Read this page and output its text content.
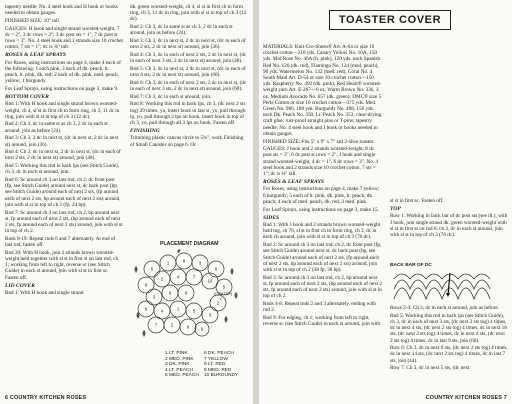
tapestry needle; No. 4 steel hook and H hook or hooks needed to obtain gauges.

FINISHED SIZE: 10" tall.

GAUGES: H hook and single strand worsted-weight, 7 dc = 2", 3 dc rows = 2"; 3 dc post sts = 1", 7 dc post st rows = 3". No. 4 steel hook and 2 strands size 10 crochet cotton, 7 sts = 1"; dc is ⅜" tall.

ROSES & LEAF SPRAYS

For Roses, using instructions on page 4, make 4 each of the following: 1 each pink, 3 each of dk. peach, lt. peach, lt. pink, dk. red; 2 each of dk. pink, med. peach, yellow; 1 burgundy.

For Leaf Sprays, using instructions on page 3, make 9.

BOTTOM COVER

Rnd 1: With H hook and single strand brown worsted-weight, ch 4, sl st in first ch to form ring, ch 3, 11 dc in ring, join with sl st in top of ch 3 (12 dc).

Rnd 2: Ch 3, dc in same st as ch 3, 2 dc in each st around, join as before (24).

Rnd 3: Ch 3, 2 dc in next st, (dc in next st, 2 dc in next st) around, join (36).

Rnd 4: Ch 3, dc in next st, 2 dc in next st, (dc in each of next 2 sts, 2 dc in next st) around, join (48).

Rnd 5: Working this rnd in back lps (see Stitch Guide), ch 3, dc in each st around, join.

Rnd 6: Sc around ch 3 on last rnd, ch 2, dc front post (fp, see Stitch Guide) around next st, dc back post (bp, see Stitch Guide) around each of next 2 sts, (fp around each of next 2 sts, bp around each of next 2 sts) around, join with sl st in top of ch 2 (fp, 24 bp).

Rnd 7: Sc around ch 3 on last rnd, ch 2, bp around next st, fp around each of next 2 sts, (bp around each of next 2 sts, fp around each of next 2 sts) around, join with sl st in top of ch 2.

Rnds 8-19: Repeat rnds 6 and 7 alternately. At end of last rnd, fasten off.

Rnd 20: With H hook, join 2 strands brown worsted-weight held together with sl st in first st on last rnd, ch 1; working from left to right, reverse sc (see Stitch Guide) in each st around, join with sl st in first sc. Fasten off.

LID COVER

Rnd 1: With H hook and single strand

dk. green worsted-weight, ch 4, sl st in first ch to form ring, ch 3, 11 dc in ring, join with sl st in top of ch 3 (12 dc).

Rnd 2: Ch 3, dc in same st as ch 3, 2 dc in each st around, join as before (24).

Rnd 3: Ch 3, dc in next st, 2 dc in next st, (dc in each of next 2 sts, 2 dc in next st) around, join (36).

Rnd 4: Ch 3, dc in each of next 2 sts, 2 dc in next st, (dc in each of next 3 sts, 2 dc in next st) around, join (48).

Rnd 5: Ch 3, dc in next st, 2 dc in next st, (dc in each of next 4 sts, 2 dc in next st) around, join (60).

Rnd 6: Ch 3, dc in each of next 2 sts, 2 dc in next st, (dc in each of next 3 sts, 2 dc in next st) around, join (60).

Rnd 7: Ch 3, dc in each st around, join.

Rnd 8: Working this rnd in back lps, ch 3, (dc next 2 sts tog) 29 times, yo, insert hook in last st, yo, pull through lp, yo, pull through 2 lps on hook, insert hook in top of ch 3, yo, pull through all 3 lps on hook. Fasten off.

FINISHING

Trimming plastic canvas circle to 5¾", work Finishing of Small Canister on page 6. Or

PLACEMENT DIAGRAM
5
1	8	3
6
9
2	4	7
10
5
3
6	9
2
8	4	1	5
3
7	2	6	9
(CENTER)
Y
1 LT. PINK
2 MED. PINK
3 DK. PINK
4 LT. PEACH
5 MED. PEACH
6 DK. PEACH
7 YELLOW
8 LT. RED
9 MED. RED
10 BURGUNDY
6 COUNTRY KITCHEN ROSES
TOASTER COVER

MATERIALS: Knit-Cro-Sheen® Art. A-64 or size 10 crochet cotton—210 yds. Canary Yellow No. 10A, 150 yds. Mid Rose No. 46A (lt. pink), 120 yds. each Spanish Red No. 126 (dk. red), Flamingo No. 124 (med. peach), 90 yds. Watermelon No. 132 (med. red), Coral No. 4 South Maid Art. D-54 or size 10 crochet cotton—150 yds. Raspberry No. 492 (dk. pink); Red Heart® worsted-weight yarn Art. E-267—6 oz. Warm Brown No. 336, 3 oz. Medium Avocado No. 657 (dk. green); DMC® size 5 Perle Cotton or size 10 crochet cotton—375 yds. Med. Green No. 986, 180 yds. Burgundy No. 498, 150 yds. each Dk. Peach No. 350, Lt. Peach No. 353; clear-drying craft glue; rust-proof straight pins or T-pins; tapestry needle; No. 4 steel hook and J hook or hooks needed to obtain gauges.

FINISHED SIZE: Fits 5" x 9" x 7" tall 2-slice toaster.

GAUGES: J hook and 2 strands worsted-weight, 8 dc post sts = 3", 6 dc post st rows = 2"; J hook and single strand worsted-weight, 4 dc = 1", 6 dc rows = 3". No. 4 steel hook and 2 strands size 10 crochet cotton, 7 sts = 1"; dc is ⅜" tall.

ROSES & LEAF SPRAYS

For Roses, using instructions on page 4, make 7 yellow; 6 burgundy; 5 each of lt. pink, dk. pink, lt. peach, dk. peach; 4 each of med. peach, dk. red, 3 med. pink.

For Leaf Sprays, using instructions on page 3, make 15.

SIDES

Rnd 1: With J hook and 2 strands brown worsted-weight held tog, ch 76, sl st in first ch to form ring, ch 3, dc in each ch around, join with sl st in top of ch 3 (76 dc).

Rnd 2: Sc around ch 3 on last rnd, ch 2, dc front post (fp, see Stitch Guide) around next st, dc back post (bp, see Stitch Guide) around each of next 2 sts, (fp around each of next 2 sts, bp around each of next 2 sts) around, join with sl st in top of ch 2 (38 fp, 38 bp).

Rnd 3: Sc around ch 3 on last rnd, ch 2, bp around next st, fp around each of next 2 sts, (bp around each of next 2 sts, fp around each of next 2 sts) around, join with sl st in top of ch 2.

Rnds 4-8: Repeat rnds 2 and 3 alternately, ending with rnd 2.

Rnd 9: For edging, ch 1; working from left to right, reverse sc (see Stitch Guide) in each st around, join with

sl st in first sc. Fasten off.

TOP

Row 1: Working in back bar of dc post sts (see ill.), with J hook, join single strand dk. green worsted-weight with sl st in first st on rnd 8, ch 3, dc in each st around, join with sl st in top of ch 3 (76 dc).

BACK BAR OF DC

Rows 2-4: Ch 3, dc in each st around, join as before.

Rnd 5: Working this rnd in back lps (see Stitch Guide), ch 3, dc in each of next 3 sts, (dc next 2 sts tog) 4 times, dc in next 4 sts, (dc next 2 sts tog) 4 times, dc in next 18 sts, (dc next 2 sts tog) 4 times, dc in next 4 sts, (dc next 2 sts tog) 4 times, dc in last 9 sts, join (60).

Row 6: Ch 3, dc in next 6 sts, (dc next 2 sts tog) 4 times, dc in next 14 sts, (dc next 2 sts tog) 4 times, dc in last 7 sts, join (44).

Row 7: Ch 3, dc in next 5 sts, (dc next

COUNTRY KITCHEN ROSES 7
